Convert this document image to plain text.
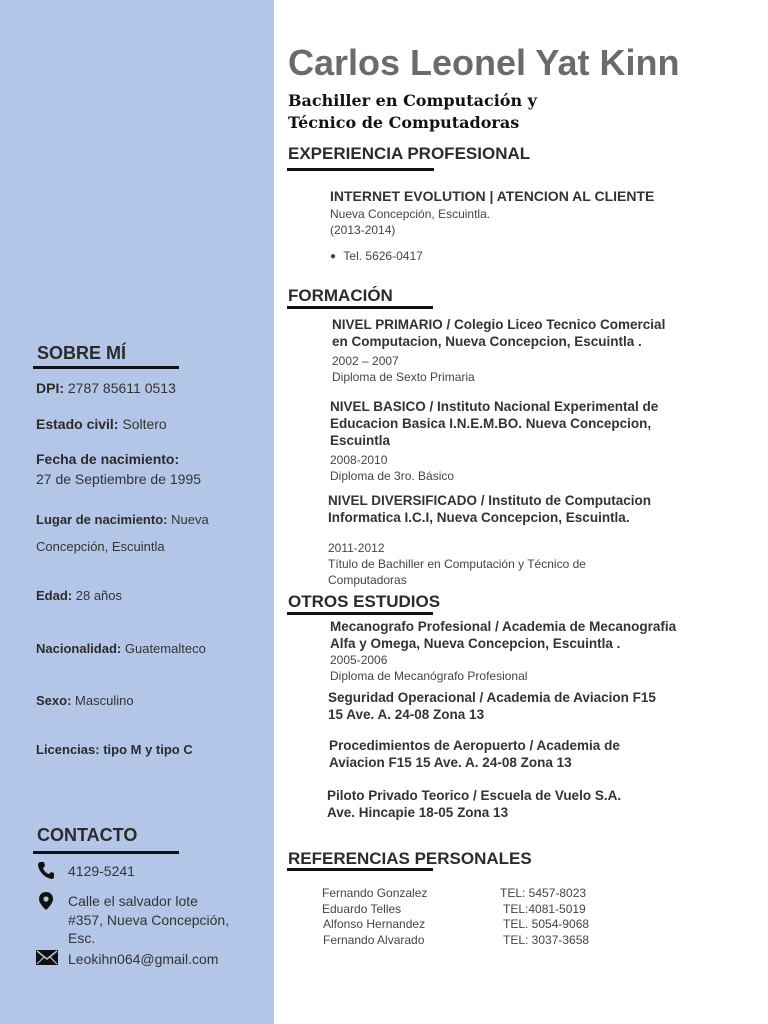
SOBRE MÍ
DPI: 2787 85611 0513
Estado civil: Soltero
Fecha de nacimiento:
27 de Septiembre de 1995
Lugar de nacimiento: Nueva
Concepción, Escuintla
Edad: 28 años
Nacionalidad: Guatemalteco
Sexo: Masculino
Licencias: tipo M y tipo C
CONTACTO
4129-5241
Calle el salvador lote
#357, Nueva Concepción,
Esc.
Leokihn064@gmail.com
Carlos Leonel Yat Kinn
Bachiller en Computación y
Técnico de Computadoras
EXPERIENCIA PROFESIONAL
INTERNET EVOLUTION | ATENCION AL CLIENTE
Nueva Concepción, Escuintla.
(2013-2014)
● Tel. 5626-0417
FORMACIÓN
NIVEL PRIMARIO / Colegio Liceo Tecnico Comercial
en Computacion, Nueva Concepcion, Escuintla .
2002 – 2007
Diploma de Sexto Primaria
NIVEL BASICO / Instituto Nacional Experimental de
Educacion Basica I.N.E.M.BO. Nueva Concepcion,
Escuintla
2008-2010
Diploma de 3ro. Básico
NIVEL DIVERSIFICADO / Instituto de Computacion
Informatica I.C.I, Nueva Concepcion, Escuintla.
2011-2012
Título de Bachiller en Computación y Técnico de
Computadoras
OTROS ESTUDIOS
Mecanografo Profesional / Academia de Mecanografia
Alfa y Omega, Nueva Concepcion, Escuintla .
2005-2006
Diploma de Mecanógrafo Profesional
Seguridad Operacional / Academia de Aviacion F15
15 Ave. A. 24-08 Zona 13
Procedimientos de Aeropuerto / Academia de
Aviacion F15 15 Ave. A. 24-08 Zona 13
Piloto Privado Teorico / Escuela de Vuelo S.A.
Ave. Hincapie 18-05 Zona 13
REFERENCIAS PERSONALES
Fernando Gonzalez	TEL: 5457-8023
Eduardo Telles	TEL:4081-5019
Alfonso Hernandez	TEL. 5054-9068
Fernando Alvarado	TEL: 3037-3658
